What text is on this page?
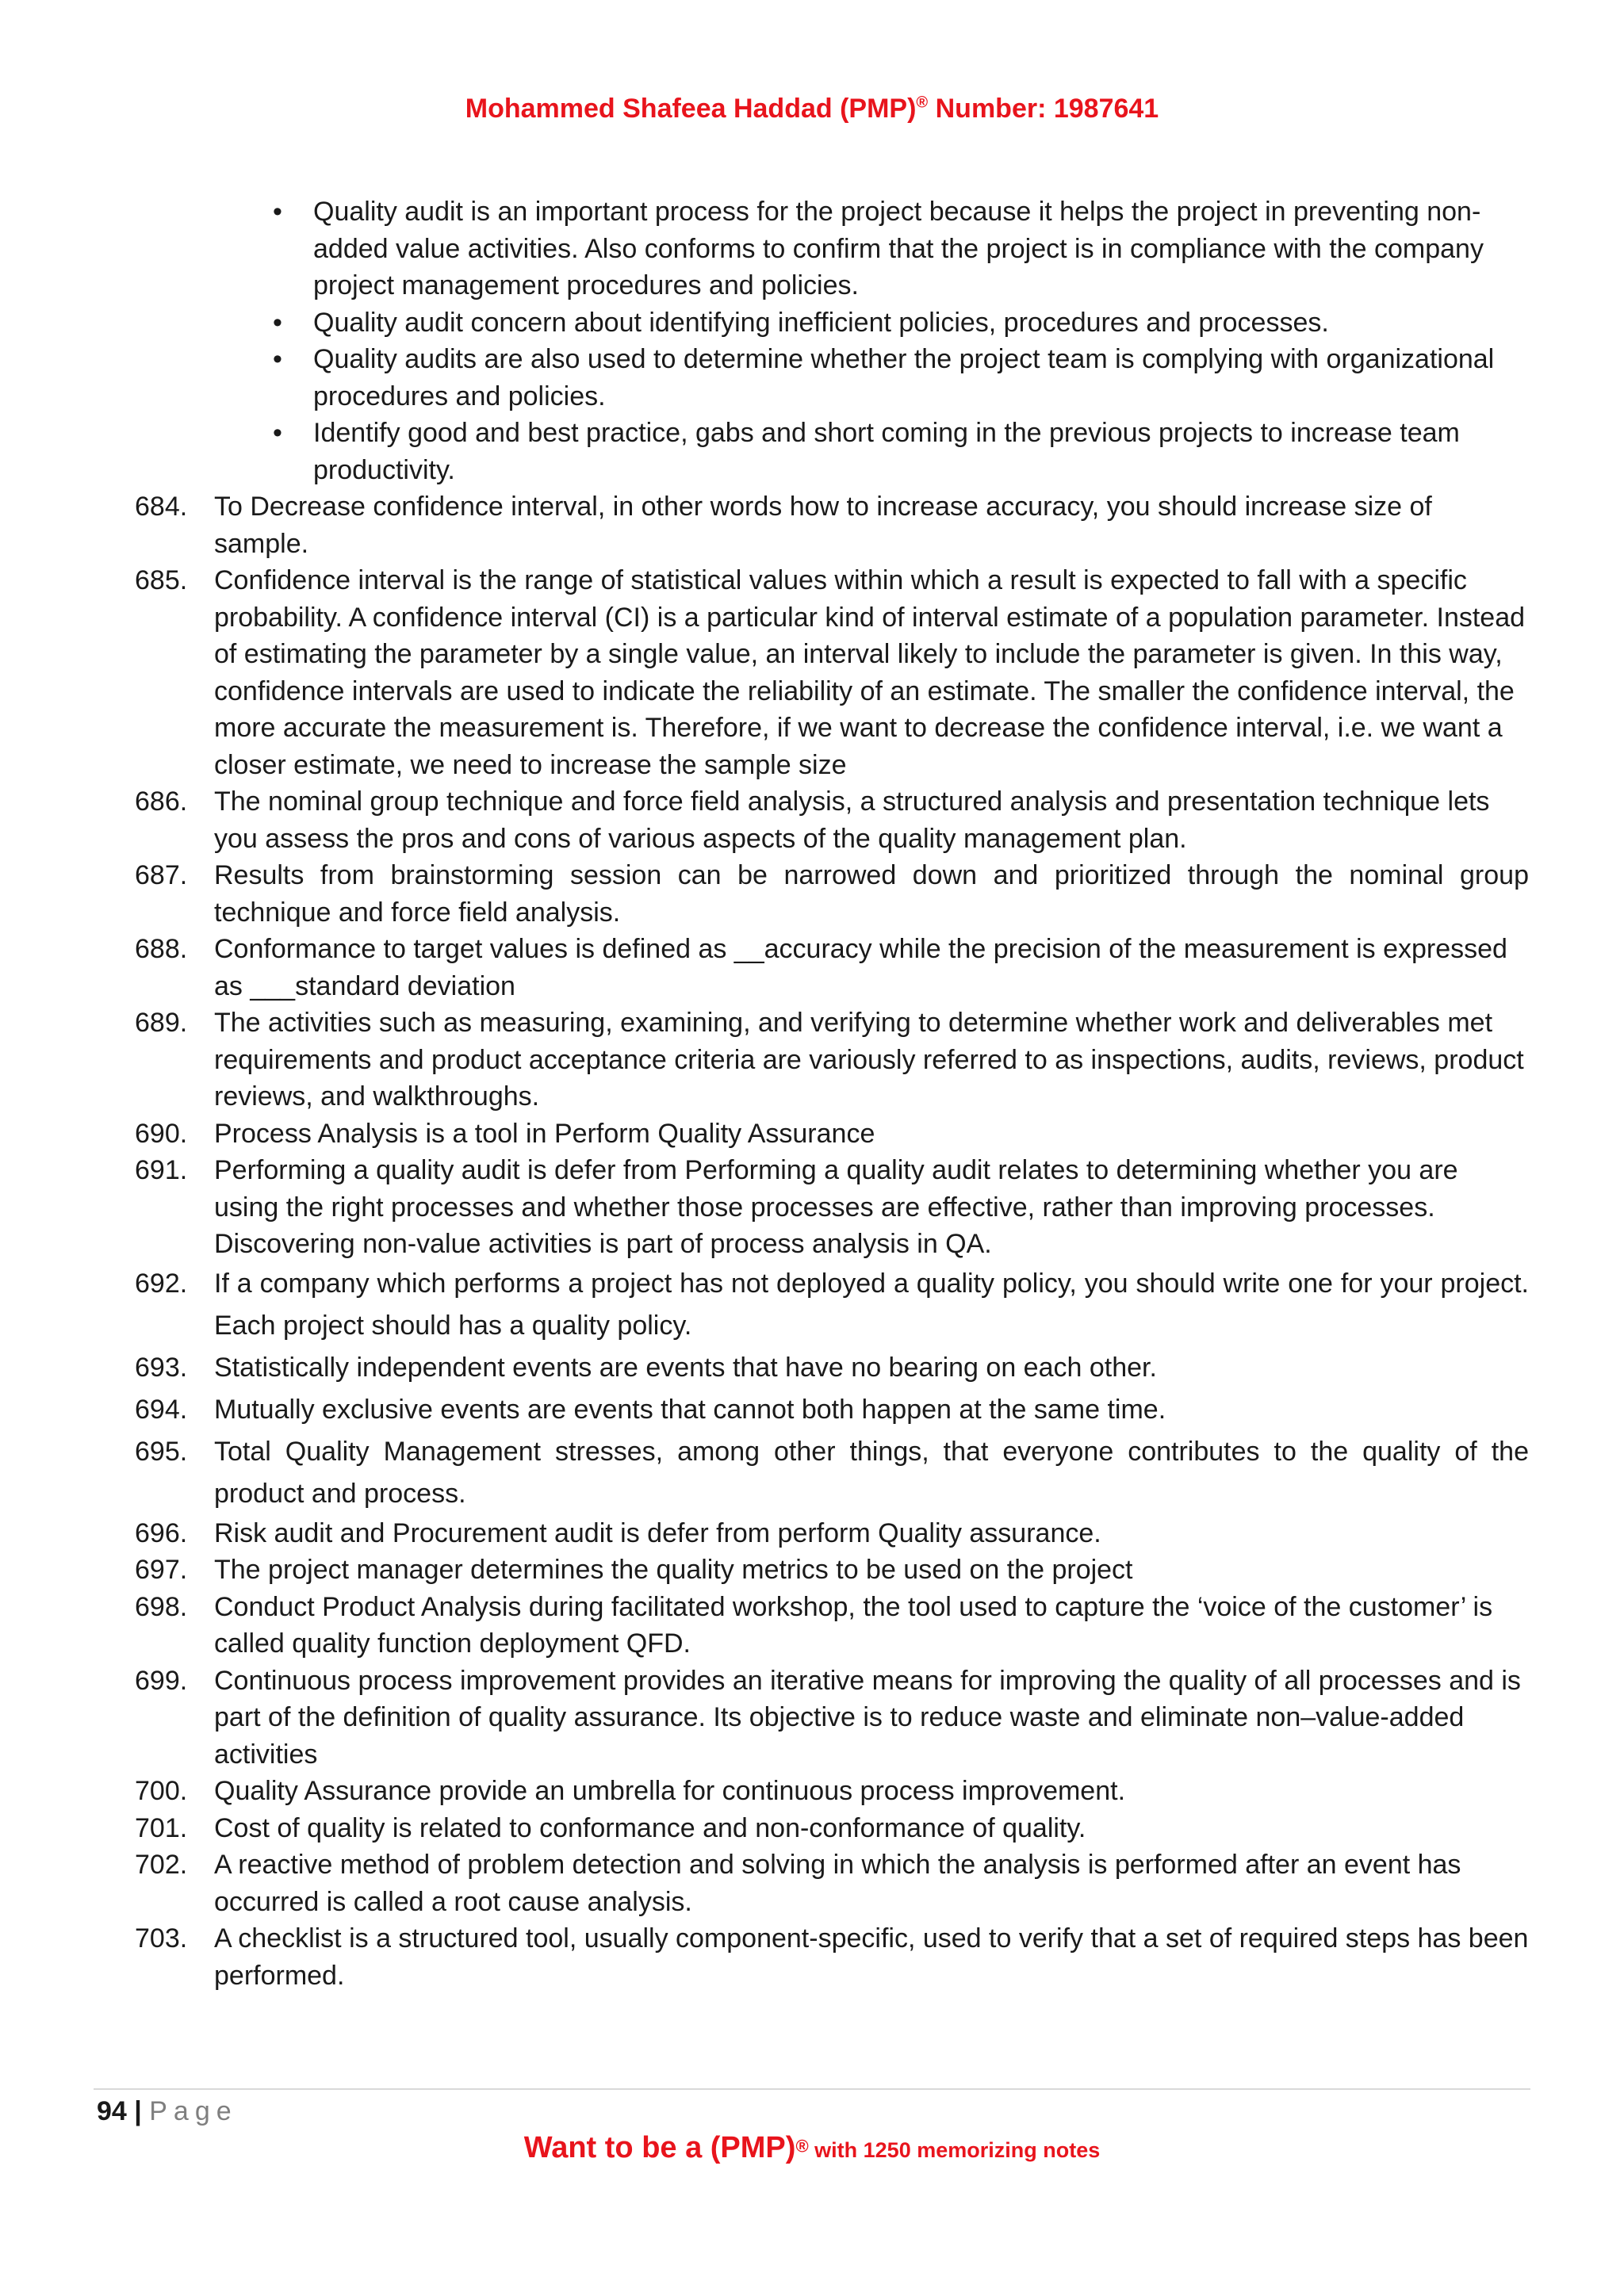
Mohammed Shafeea Haddad (PMP)® Number: 1987641
• Quality audit is an important process for the project because it helps the project in preventing non-added value activities. Also conforms to confirm that the project is in compliance with the company project management procedures and policies.
• Quality audit concern about identifying inefficient policies, procedures and processes.
• Quality audits are also used to determine whether the project team is complying with organizational procedures and policies.
• Identify good and best practice, gabs and short coming in the previous projects to increase team productivity.
684. To Decrease confidence interval, in other words how to increase accuracy, you should increase size of sample.
685. Confidence interval is the range of statistical values within which a result is expected to fall with a specific probability. A confidence interval (CI) is a particular kind of interval estimate of a population parameter. Instead of estimating the parameter by a single value, an interval likely to include the parameter is given. In this way, confidence intervals are used to indicate the reliability of an estimate. The smaller the confidence interval, the more accurate the measurement is. Therefore, if we want to decrease the confidence interval, i.e. we want a closer estimate, we need to increase the sample size
686. The nominal group technique and force field analysis, a structured analysis and presentation technique lets you assess the pros and cons of various aspects of the quality management plan.
687. Results from brainstorming session can be narrowed down and prioritized through the nominal group technique and force field analysis.
688. Conformance to target values is defined as __accuracy while the precision of the measurement is expressed as ___standard deviation
689. The activities such as measuring, examining, and verifying to determine whether work and deliverables met requirements and product acceptance criteria are variously referred to as inspections, audits, reviews, product reviews, and walkthroughs.
690. Process Analysis is a tool in Perform Quality Assurance
691. Performing a quality audit is defer from Performing a quality audit relates to determining whether you are using the right processes and whether those processes are effective, rather than improving processes. Discovering non-value activities is part of process analysis in QA.
692. If a company which performs a project has not deployed a quality policy, you should write one for your project. Each project should has a quality policy.
693. Statistically independent events are events that have no bearing on each other.
694. Mutually exclusive events are events that cannot both happen at the same time.
695. Total Quality Management stresses, among other things, that everyone contributes to the quality of the product and process.
696. Risk audit and Procurement audit is defer from perform Quality assurance.
697. The project manager determines the quality metrics to be used on the project
698. Conduct Product Analysis during facilitated workshop, the tool used to capture the ‘voice of the customer’ is called quality function deployment QFD.
699. Continuous process improvement provides an iterative means for improving the quality of all processes and is part of the definition of quality assurance. Its objective is to reduce waste and eliminate non–value-added activities
700. Quality Assurance provide an umbrella for continuous process improvement.
701. Cost of quality is related to conformance and non-conformance of quality.
702. A reactive method of problem detection and solving in which the analysis is performed after an event has occurred is called a root cause analysis.
703. A checklist is a structured tool, usually component-specific, used to verify that a set of required steps has been performed.
94 | Page
Want to be a (PMP)® with 1250 memorizing notes
